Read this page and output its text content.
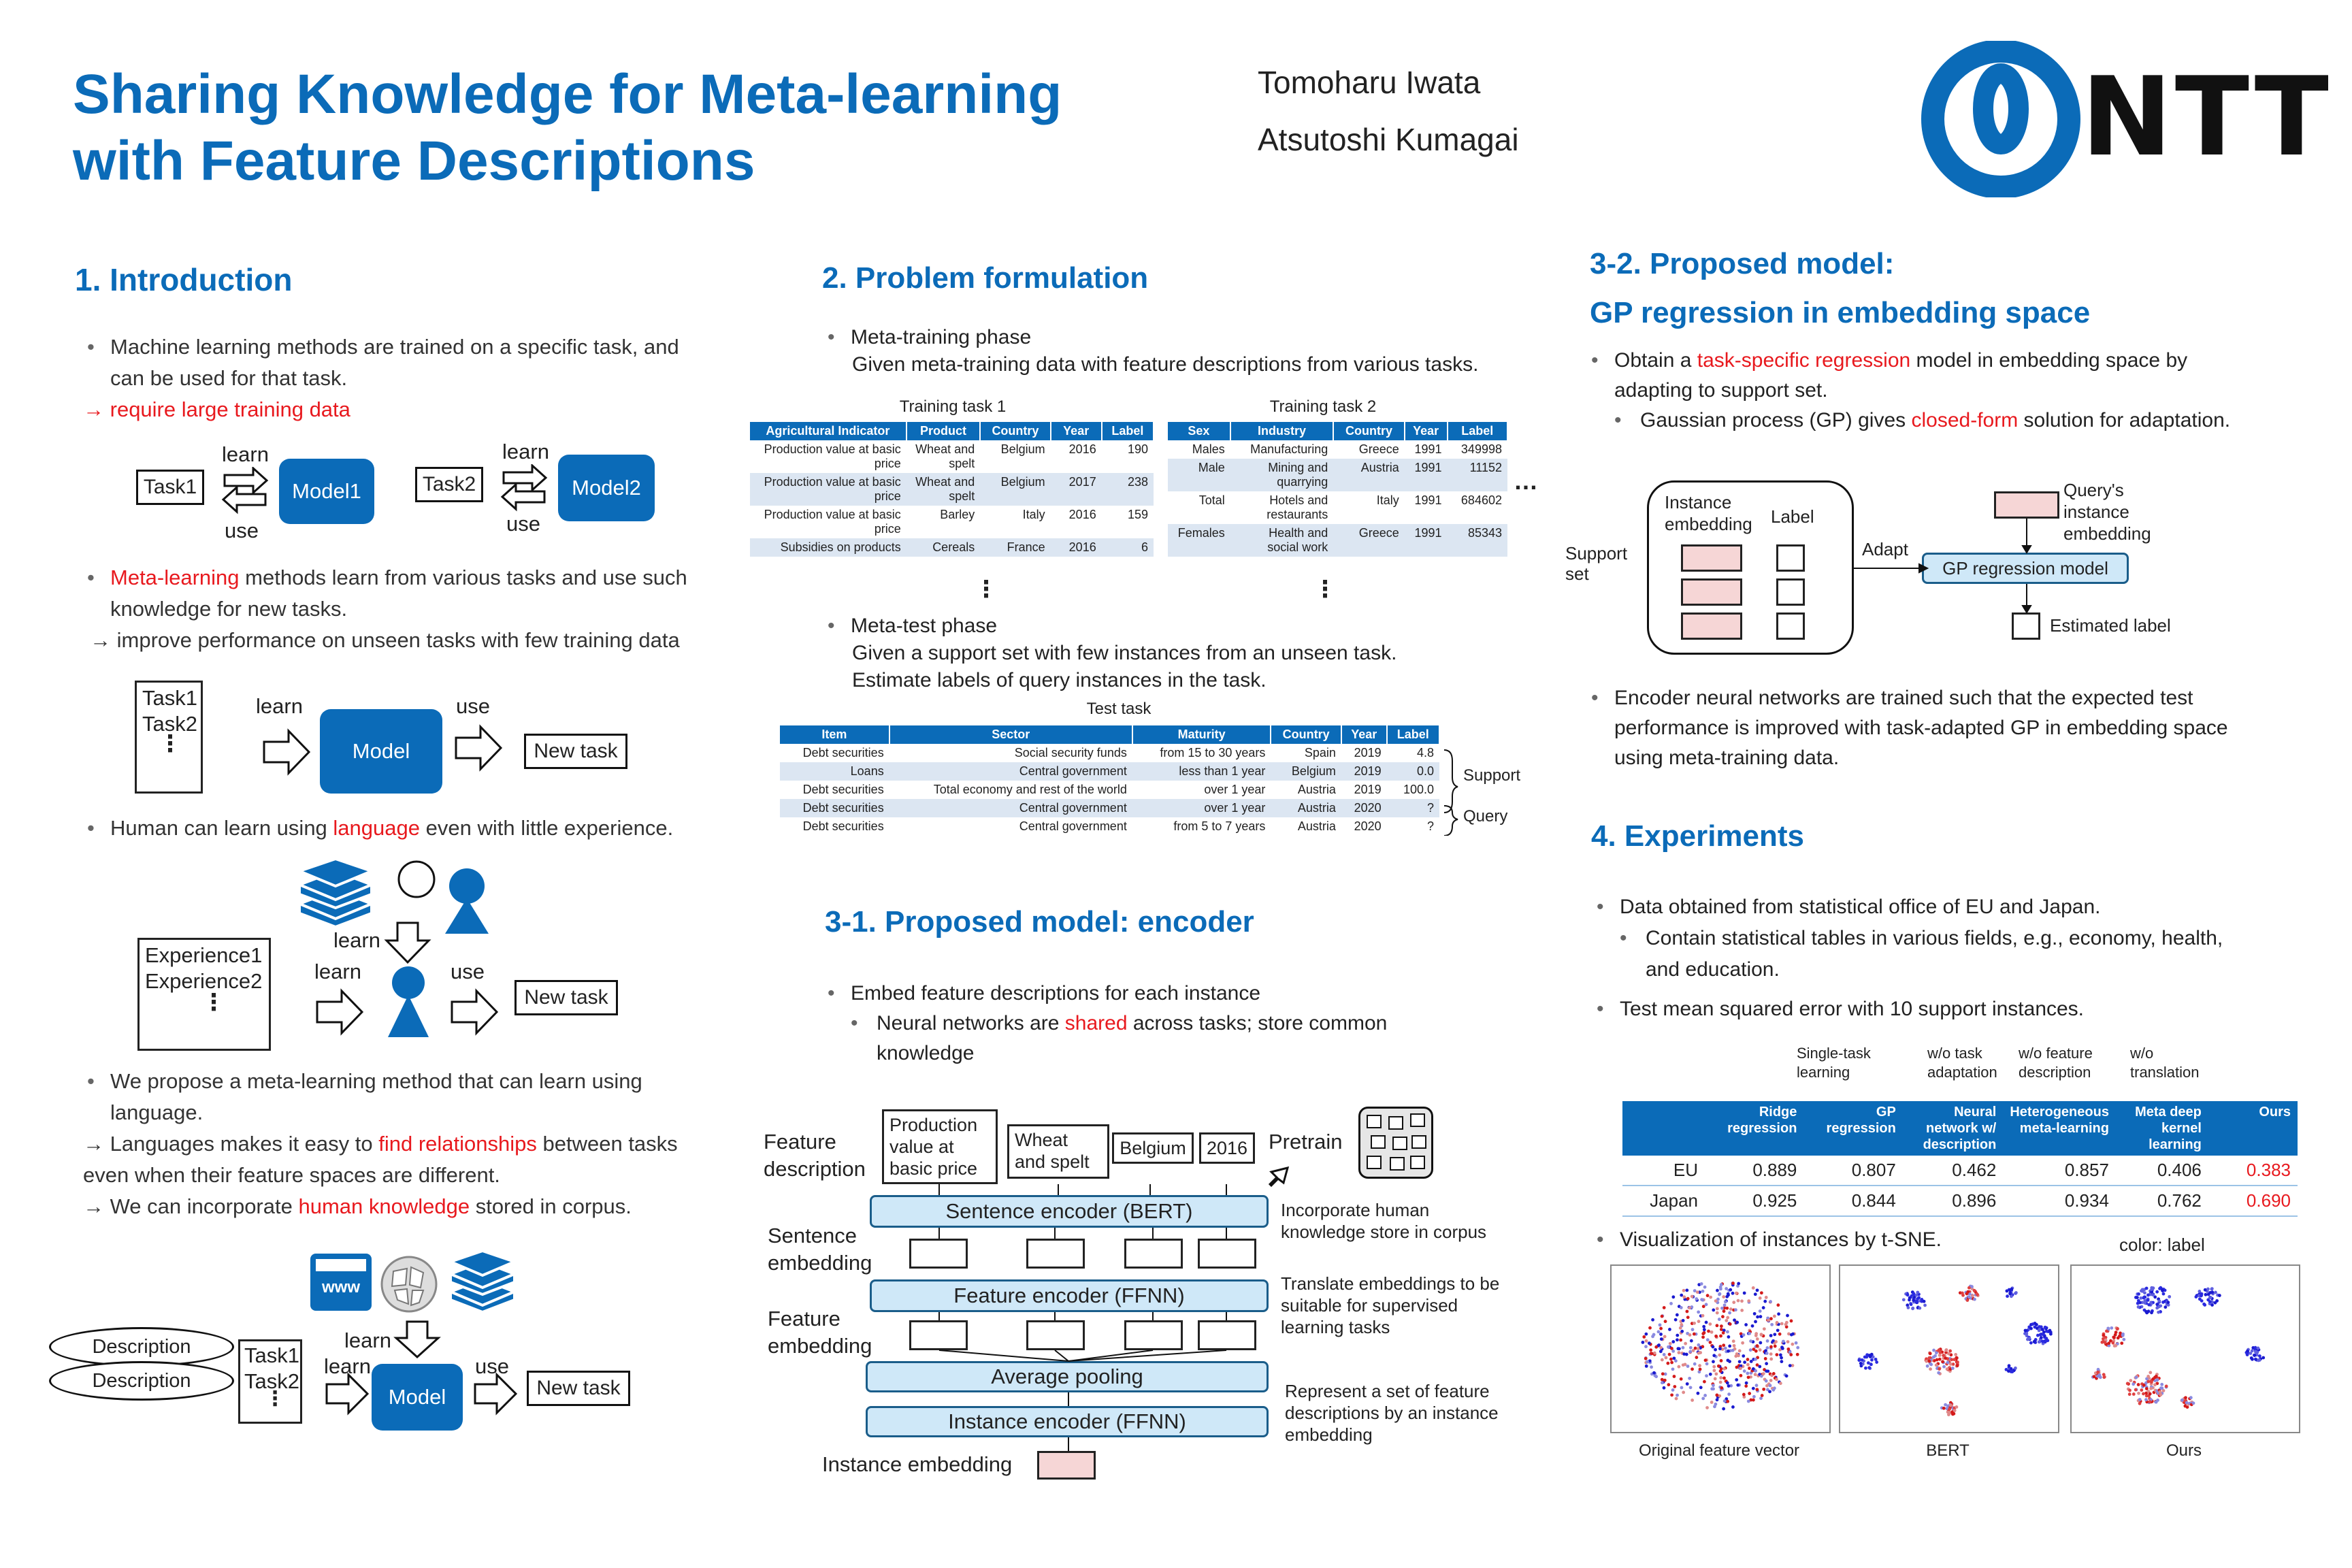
Sharing Knowledge for Meta-learning
with Feature Descriptions
Tomoharu Iwata
Atsutoshi Kumagai	NTT
1. Introduction
• Machine learning methods are trained on a specific task, and
can be used for that task.
→ require large training data
Task1
learn
use
Model1	Task2
learn
use
Model2
• Meta-learning methods learn from various tasks and use such
knowledge for new tasks.
→ improve performance on unseen tasks with few training data
Task1
Task2
⋮
learn
Model
use
New task
• Human can learn using language even with little experience.
learn
Experience1
Experience2
⋮
learn	use
New task
• We propose a meta-learning method that can learn using
language.
→ Languages makes it easy to find relationships between tasks
even when their feature spaces are different.
→ We can incorporate human knowledge stored in corpus.
www
learn
Description
Description
Task1
Task2
⋮
learn
Model
use
New task
2. Problem formulation
• Meta-training phase
Given meta-training data with feature descriptions from various tasks.
Training task 1
Agricultural Indicator	Product	Country	Year	Label
Production value at basic price	Wheat and spelt	Belgium	2016	190
Production value at basic price	Wheat and spelt	Belgium	2017	238
Production value at basic price	Barley	Italy	2016	159
Subsidies on products	Cereals	France	2016	6
Training task 2
Sex	Industry	Country	Year	Label
Males	Manufacturing	Greece	1991	349998
Male	Mining and quarrying	Austria	1991	11152
Total	Hotels and restaurants	Italy	1991	684602
Females	Health and social work	Greece	1991	85343
…
⋮	⋮
• Meta-test phase
Given a support set with few instances from an unseen task.
Estimate labels of query instances in the task.
Test task
Item	Sector	Maturity	Country	Year	Label
Debt securities	Social security funds	from 15 to 30 years	Spain	2019	4.8
Loans	Central government	less than 1 year	Belgium	2019	0.0
Debt securities	Total economy and rest of the world	over 1 year	Austria	2019	100.0
Debt securities	Central government	over 1 year	Austria	2020	?
Debt securities	Central government	from 5 to 7 years	Austria	2020	?
Support
Query
3-1. Proposed model: encoder
• Embed feature descriptions for each instance
• Neural networks are shared across tasks; store common
knowledge
Feature description
Production value at basic price
Wheat and spelt
Belgium	2016 Pretrain
Sentence encoder (BERT)	Incorporate human knowledge store in corpus
Sentence embedding
Feature encoder (FFNN)	Translate embeddings to be suitable for supervised learning tasks
Feature embedding
Average pooling
Represent a set of feature descriptions by an instance embedding
Instance encoder (FFNN)
Instance embedding
3-2. Proposed model:
GP regression in embedding space
• Obtain a task-specific regression model in embedding space by
adapting to support set.
• Gaussian process (GP) gives closed-form solution for adaptation.
Instance embedding	Label
Support set
Adapt
Query's instance embedding
GP regression model
Estimated label
• Encoder neural networks are trained such that the expected test
performance is improved with task-adapted GP in embedding space
using meta-training data.
4. Experiments
• Data obtained from statistical office of EU and Japan.
• Contain statistical tables in various fields, e.g., economy, health,
and education.
• Test mean squared error with 10 support instances.
Single-task learning
w/o task adaptation
w/o feature description
w/o translation
	Ridge regression	GP regression	Neural network w/ description	Heterogeneous meta-learning	Meta deep kernel learning	Ours
EU	0.889	0.807	0.462	0.857	0.406	0.383
Japan	0.925	0.844	0.896	0.934	0.762	0.690
• Visualization of instances by t-SNE.	color: label
Original feature vector	BERT	Ours
